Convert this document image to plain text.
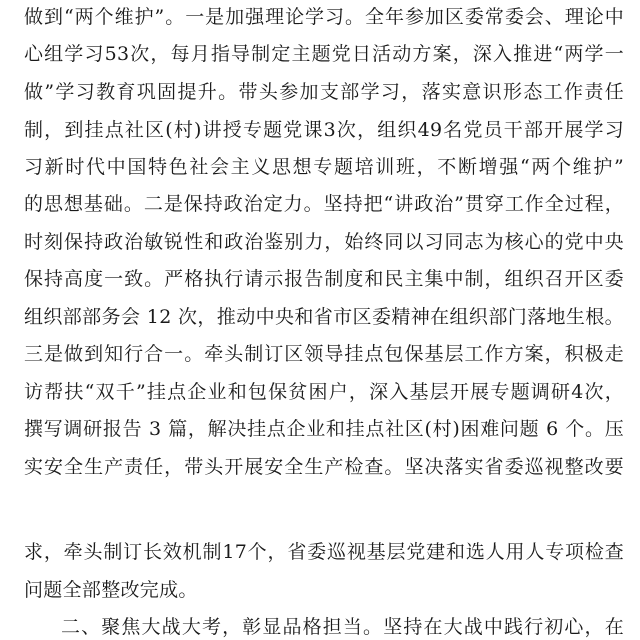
做到“两个维护”。一是加强理论学习。全年参加区委常委会、理论中
心组学习53次，每月指导制定主题党日活动方案，深入推进“两学一
做”学习教育巩固提升。带头参加支部学习，落实意识形态工作责任
制，到挂点社区(村)讲授专题党课3次，组织49名党员干部开展学习
习新时代中国特色社会主义思想专题培训班，不断增强“两个维护”
的思想基础。二是保持政治定力。坚持把“讲政治”贯穿工作全过程，
时刻保持政治敏锐性和政治鉴别力，始终同以习同志为核心的党中央
保持高度一致。严格执行请示报告制度和民主集中制，组织召开区委
组织部部务会 12 次，推动中央和省市区委精神在组织部门落地生根。
三是做到知行合一。牵头制订区领导挂点包保基层工作方案，积极走
访帮扶“双千”挂点企业和包保贫困户，深入基层开展专题调研4次，
撰写调研报告 3 篇，解决挂点企业和挂点社区(村)困难问题 6 个。压
实安全生产责任，带头开展安全生产检查。坚决落实省委巡视整改要
求，牵头制订长效机制17个，省委巡视基层党建和选人用人专项检查
问题全部整改完成。
二、聚焦大战大考，彰显品格担当。坚持在大战中践行初心，在
